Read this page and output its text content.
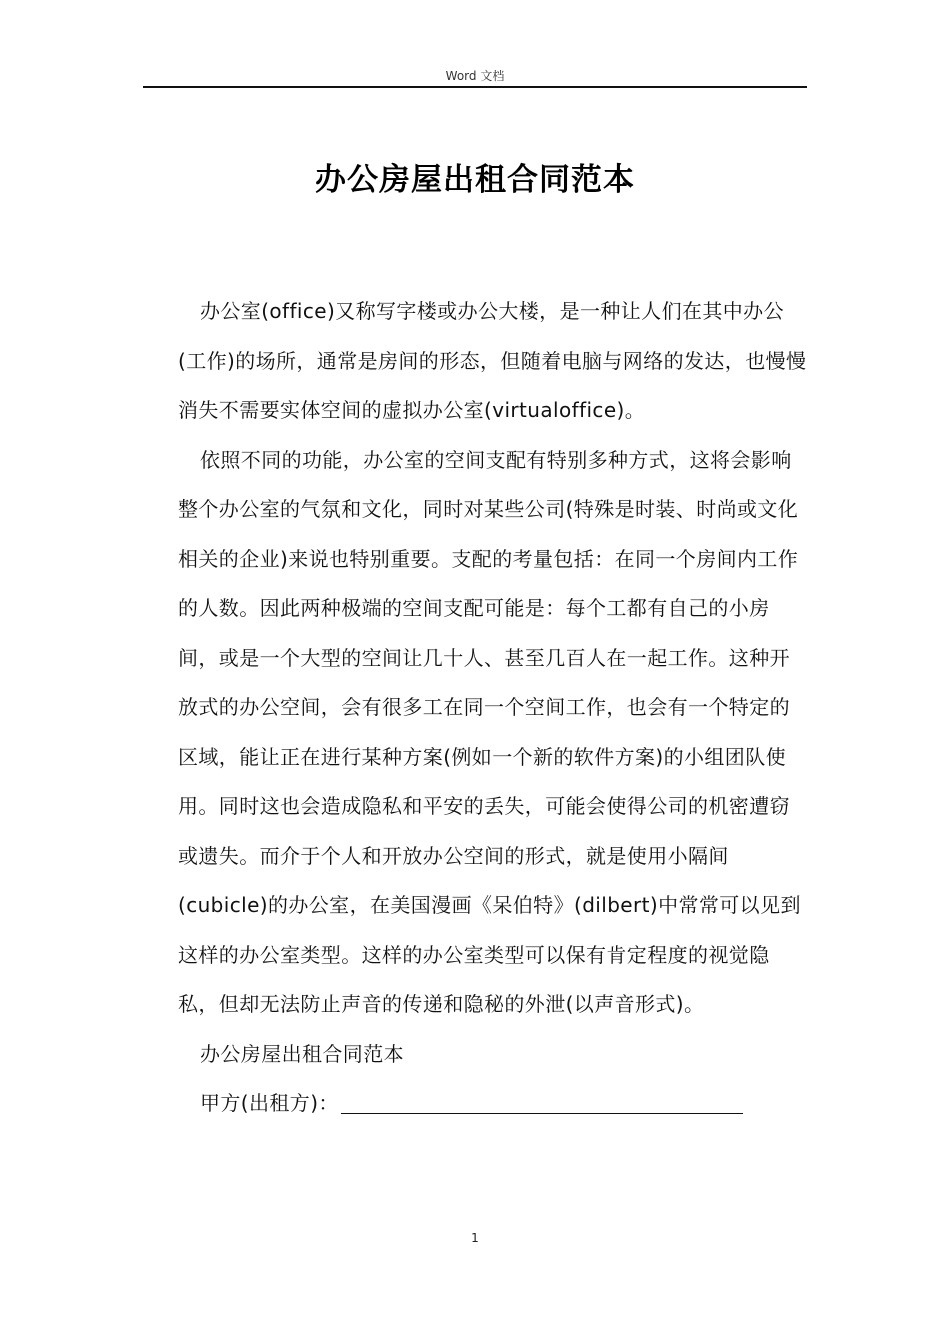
Word 文档
办公房屋出租合同范本

办公室(office)又称写字楼或办公大楼，是一种让人们在其中办公(工作)的场所，通常是房间的形态，但随着电脑与网络的发达，也慢慢消失不需要实体空间的虚拟办公室(virtualoffice)。

依照不同的功能，办公室的空间支配有特别多种方式，这将会影响整个办公室的气氛和文化，同时对某些公司(特殊是时装、时尚或文化相关的企业)来说也特别重要。支配的考量包括：在同一个房间内工作的人数。因此两种极端的空间支配可能是：每个工都有自己的小房间，或是一个大型的空间让几十人、甚至几百人在一起工作。这种开放式的办公空间，会有很多工在同一个空间工作，也会有一个特定的区域，能让正在进行某种方案(例如一个新的软件方案)的小组团队使用。同时这也会造成隐私和平安的丢失，可能会使得公司的机密遭窃或遗失。而介于个人和开放办公空间的形式，就是使用小隔间(cubicle)的办公室，在美国漫画《呆伯特》(dilbert)中常常可以见到这样的办公室类型。这样的办公室类型可以保有肯定程度的视觉隐私，但却无法防止声音的传递和隐秘的外泄(以声音形式)。

办公房屋出租合同范本

甲方(出租方)：

1
